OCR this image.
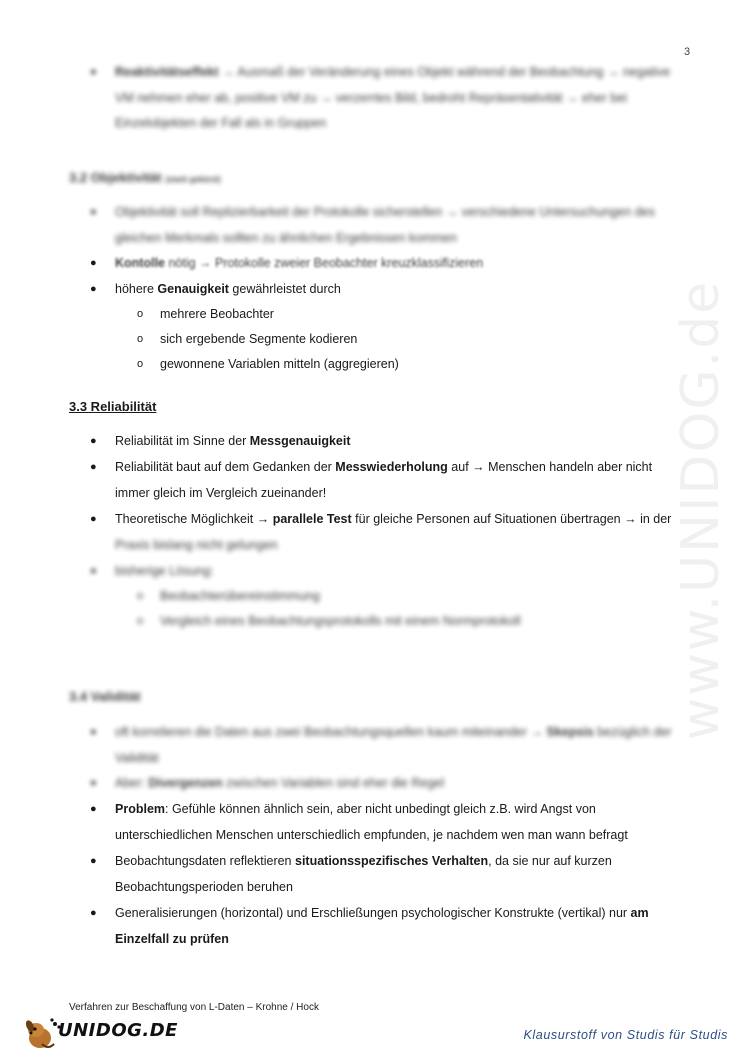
3
www.UNIDOG.de
●	Reaktivitätseffekt → Ausmaß der Veränderung eines Objekt während der Beobachtung → negative VM nehmen eher ab, positive VM zu → verzerrtes Bild, bedroht Repräsentativität → eher bei Einzelobjekten der Fall als in Gruppen
3.2 Objektivität (stark gekürzt)
●	Objektivität soll Replizierbarkeit der Protokolle sicherstellen → verschiedene Untersuchungen des gleichen Merkmals sollten zu ähnlichen Ergebnissen kommen
●	Kontolle nötig → Protokolle zweier Beobachter kreuzklassifizieren
●	höhere Genauigkeit gewährleistet durch
o mehrere Beobachter
o sich ergebende Segmente kodieren
o gewonnene Variablen mitteln (aggregieren)
3.3 Reliabilität
●	Reliabilität im Sinne der Messgenauigkeit
●	Reliabilität baut auf dem Gedanken der Messwiederholung auf → Menschen handeln aber nicht immer gleich im Vergleich zueinander!
●	Theoretische Möglichkeit → parallele Test für gleiche Personen auf Situationen übertragen → in der
Praxis bislang nicht gelungen
●	bisherige Lösung:
o Beobachterübereinstimmung
o Vergleich eines Beobachtungsprotokolls mit einem Normprotokoll
3.4 Validität
●	oft korrelieren die Daten aus zwei Beobachtungsquellen kaum miteinander → Skepsis bezüglich der Validität
●	Aber: Divergenzen zwischen Variablen sind eher die Regel
●	Problem: Gefühle können ähnlich sein, aber nicht unbedingt gleich z.B. wird Angst von unterschiedlichen Menschen unterschiedlich empfunden, je nachdem wen man wann befragt
●	Beobachtungsdaten reflektieren situationsspezifisches Verhalten, da sie nur auf kurzen Beobachtungsperioden beruhen
●	Generalisierungen (horizontal) und Erschließungen psychologischer Konstrukte (vertikal) nur am Einzelfall zu prüfen
Verfahren zur Beschaffung von L-Daten – Krohne / Hock
UNIDOG.DE	Klausurstoff von Studis für Studis
